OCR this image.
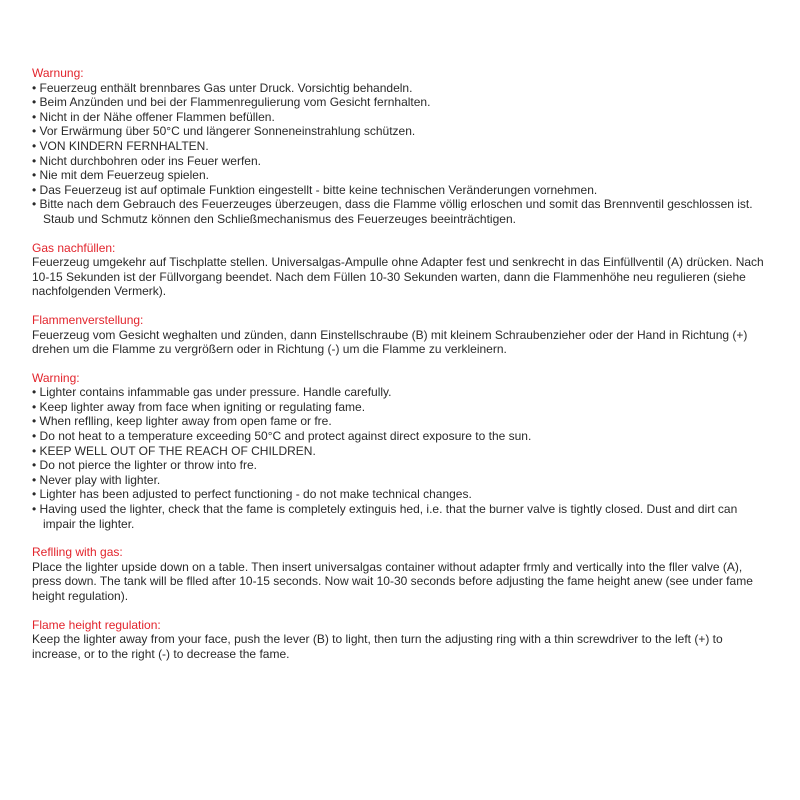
Warnung:

• Feuerzeug enthält brennbares Gas unter Druck. Vorsichtig behandeln.

• Beim Anzünden und bei der Flammenregulierung vom Gesicht fernhalten.

• Nicht in der Nähe offener Flammen befüllen.

• Vor Erwärmung über 50°C und längerer Sonneneinstrahlung schützen.

• VON KINDERN FERNHALTEN.

• Nicht durchbohren oder ins Feuer werfen.

• Nie mit dem Feuerzeug spielen.

• Das Feuerzeug ist auf optimale Funktion eingestellt - bitte keine technischen Veränderungen vornehmen.

• Bitte nach dem Gebrauch des Feuerzeuges überzeugen, dass die Flamme völlig erloschen und somit das Brennventil geschlossen ist. Staub und Schmutz können den Schließmechanismus des Feuerzeuges beeinträchtigen.

Gas nachfüllen:

Feuerzeug umgekehr auf Tischplatte stellen. Universalgas-Ampulle ohne Adapter fest und senkrecht in das Einfüllventil (A) drücken. Nach 10-15 Sekunden ist der Füllvorgang beendet. Nach dem Füllen 10-30 Sekunden warten, dann die Flammenhöhe neu regulieren (siehe nachfolgenden Vermerk).

Flammenverstellung:

Feuerzeug vom Gesicht weghalten und zünden, dann Einstellschraube (B) mit kleinem Schraubenzieher oder der Hand in Richtung (+) drehen um die Flamme zu vergrößern oder in Richtung (-) um die Flamme zu verkleinern.

Warning:

• Lighter contains infammable gas under pressure. Handle carefully.

• Keep lighter away from face when igniting or regulating fame.

• When reflling, keep lighter away from open fame or fre.

• Do not heat to a temperature exceeding 50°C and protect against direct exposure to the sun.

• KEEP WELL OUT OF THE REACH OF CHILDREN.

• Do not pierce the lighter or throw into fre.

• Never play with lighter.

• Lighter has been adjusted to perfect functioning - do not make technical changes.

• Having used the lighter, check that the fame is completely extinguis hed, i.e. that the burner valve is tightly closed. Dust and dirt can impair the lighter.

Reflling with gas:

Place the lighter upside down on a table. Then insert universalgas container without adapter frmly and vertically into the fller valve (A), press down. The tank will be flled after 10-15 seconds. Now wait 10-30 seconds before adjusting the fame height anew (see under fame height regulation).

Flame height regulation:

Keep the lighter away from your face, push the lever (B) to light, then turn the adjusting ring with a thin screwdriver to the left (+) to increase, or to the right (-) to decrease the fame.
